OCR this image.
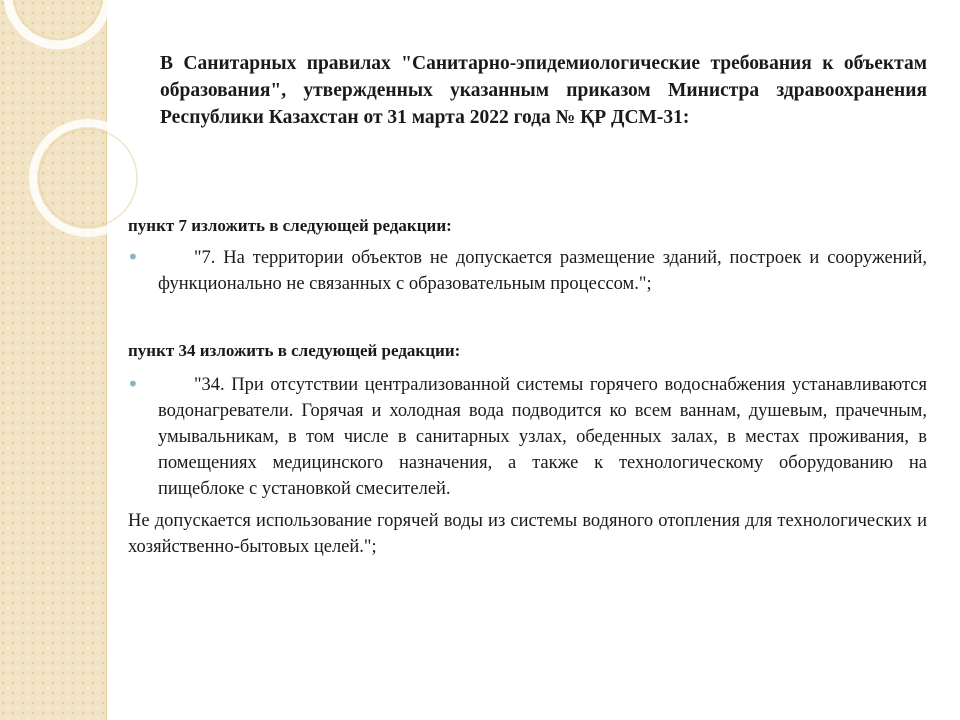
В Санитарных правилах "Санитарно-эпидемиологические требования к объектам образования", утвержденных указанным приказом Министра здравоохранения Республики Казахстан от 31 марта 2022 года № ҚР ДСМ-31:
пункт 7 изложить в следующей редакции:
•	"7. На территории объектов не допускается размещение зданий, построек и сооружений, функционально не связанных с образовательным процессом.";
пункт 34 изложить в следующей редакции:
•	"34. При отсутствии централизованной системы горячего водоснабжения устанавливаются водонагреватели. Горячая и холодная вода подводится ко всем ваннам, душевым, прачечным, умывальникам, в том числе в санитарных узлах, обеденных залах, в местах проживания, в помещениях медицинского назначения, а также к технологическому оборудованию на пищеблоке с установкой смесителей.
Не допускается использование горячей воды из системы водяного отопления для технологических и хозяйственно-бытовых целей.";
